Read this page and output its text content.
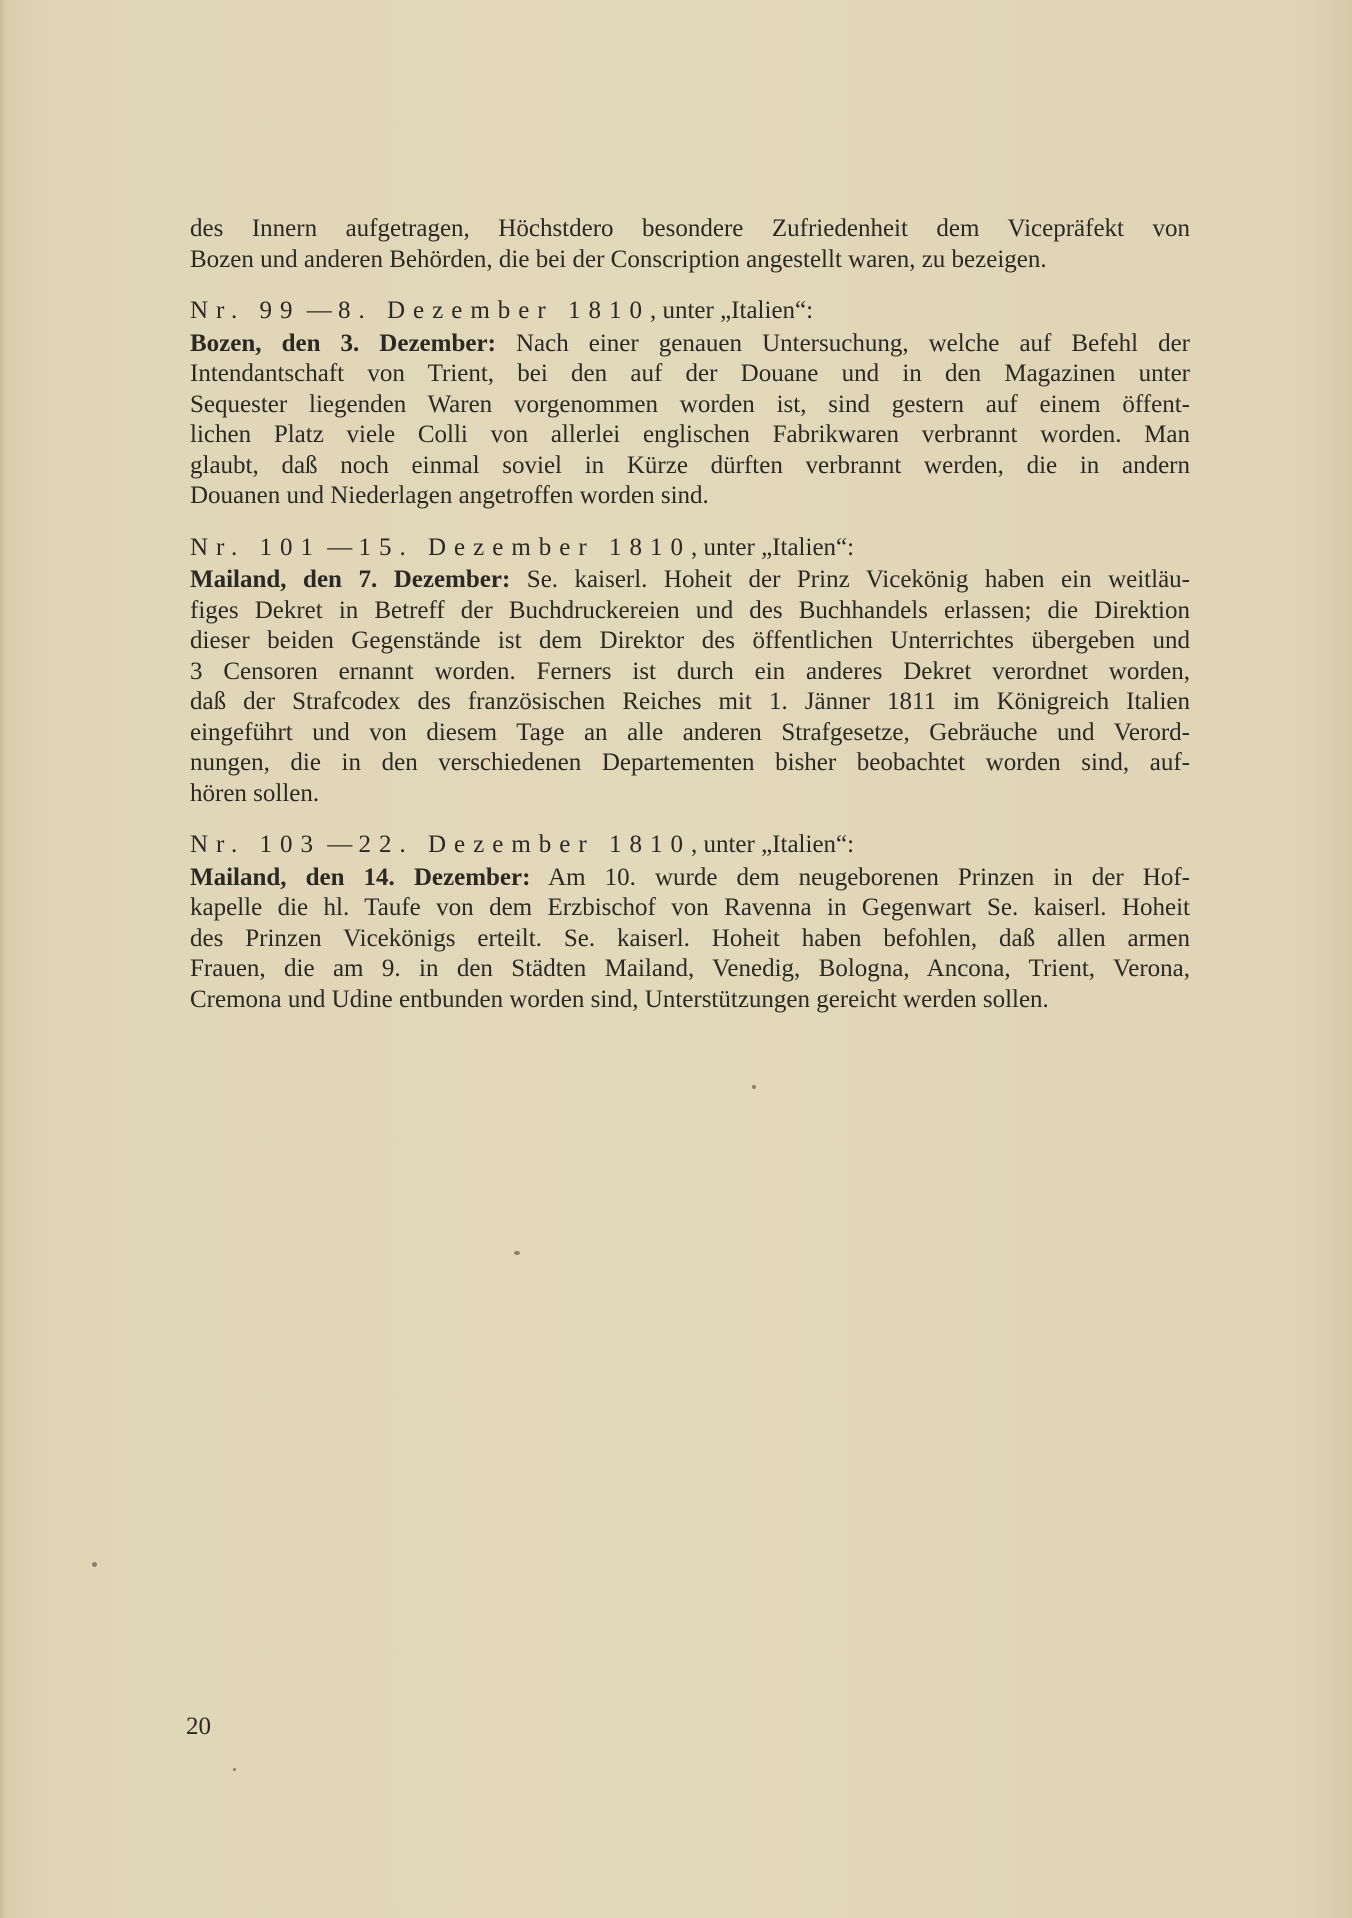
des Innern aufgetragen, Höchstdero besondere Zufriedenheit dem Vicepräfekt von
Bozen und anderen Behörden, die bei der Conscription angestellt waren, zu bezeigen.
Nr. 99 — 8. Dezember 1810, unter „Italien“:
Bozen, den 3. Dezember: Nach einer genauen Untersuchung, welche auf Befehl der
Intendantschaft von Trient, bei den auf der Douane und in den Magazinen unter
Sequester liegenden Waren vorgenommen worden ist, sind gestern auf einem öffent-
lichen Platz viele Colli von allerlei englischen Fabrikwaren verbrannt worden. Man
glaubt, daß noch einmal soviel in Kürze dürften verbrannt werden, die in andern
Douanen und Niederlagen angetroffen worden sind.
Nr. 101 — 15. Dezember 1810, unter „Italien“:
Mailand, den 7. Dezember: Se. kaiserl. Hoheit der Prinz Vicekönig haben ein weitläu-
figes Dekret in Betreff der Buchdruckereien und des Buchhandels erlassen; die Direktion
dieser beiden Gegenstände ist dem Direktor des öffentlichen Unterrichtes übergeben und
3 Censoren ernannt worden. Ferners ist durch ein anderes Dekret verordnet worden,
daß der Strafcodex des französischen Reiches mit 1. Jänner 1811 im Königreich Italien
eingeführt und von diesem Tage an alle anderen Strafgesetze, Gebräuche und Verord-
nungen, die in den verschiedenen Departementen bisher beobachtet worden sind, auf-
hören sollen.
Nr. 103 — 22. Dezember 1810, unter „Italien“:
Mailand, den 14. Dezember: Am 10. wurde dem neugeborenen Prinzen in der Hof-
kapelle die hl. Taufe von dem Erzbischof von Ravenna in Gegenwart Se. kaiserl. Hoheit
des Prinzen Vicekönigs erteilt. Se. kaiserl. Hoheit haben befohlen, daß allen armen
Frauen, die am 9. in den Städten Mailand, Venedig, Bologna, Ancona, Trient, Verona,
Cremona und Udine entbunden worden sind, Unterstützungen gereicht werden sollen.
20
